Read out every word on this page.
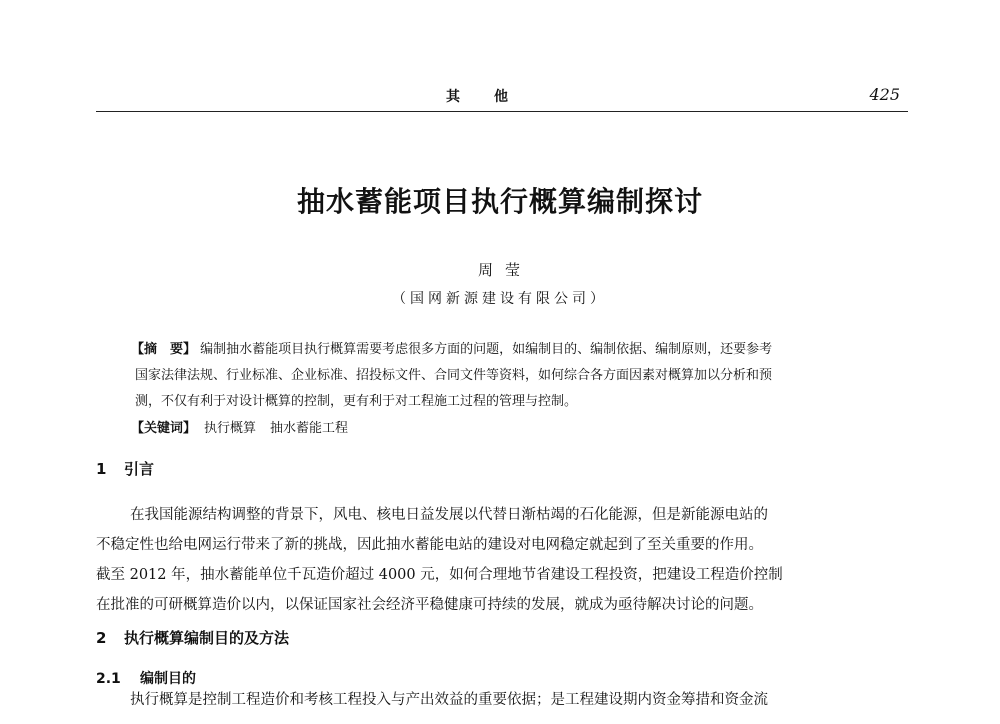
其他	425
抽水蓄能项目执行概算编制探讨
周莹
（国网新源建设有限公司）
【摘　要】 编制抽水蓄能项目执行概算需要考虑很多方面的问题，如编制目的、编制依据、编制原则，还要参考
国家法律法规、行业标准、企业标准、招投标文件、合同文件等资料，如何综合各方面因素对概算加以分析和预
测，不仅有利于对设计概算的控制，更有利于对工程施工过程的管理与控制。
【关键词】 执行概算 抽水蓄能工程
1 引言
在我国能源结构调整的背景下，风电、核电日益发展以代替日渐枯竭的石化能源，但是新能源电站的
不稳定性也给电网运行带来了新的挑战，因此抽水蓄能电站的建设对电网稳定就起到了至关重要的作用。
截至 2012 年，抽水蓄能单位千瓦造价超过 4000 元，如何合理地节省建设工程投资，把建设工程造价控制
在批准的可研概算造价以内，以保证国家社会经济平稳健康可持续的发展，就成为亟待解决讨论的问题。
2 执行概算编制目的及方法
2.1 编制目的
执行概算是控制工程造价和考核工程投入与产出效益的重要依据；是工程建设期内资金筹措和资金流
